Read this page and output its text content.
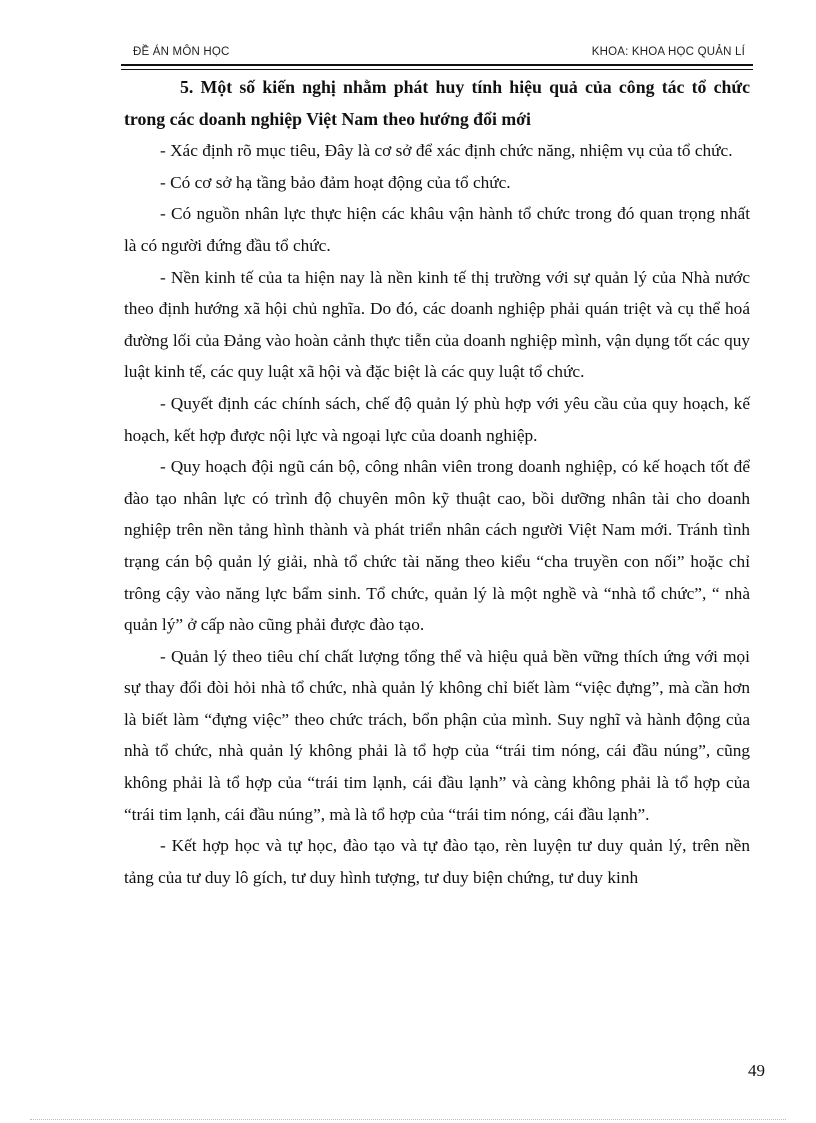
ĐỀ ÁN MÔN HỌC	KHOA: KHOA HỌC QUẢN LÍ

5. Một số kiến nghị nhằm phát huy tính hiệu quả của công tác tổ chức trong các doanh nghiệp Việt Nam theo hướng đổi mới

- Xác định rõ mục tiêu, Đây là cơ sở để xác định chức năng, nhiệm vụ của tổ chức.

- Có cơ sở hạ tầng bảo đảm hoạt động của tổ chức.

- Có nguồn nhân lực thực hiện các khâu vận hành tổ chức trong đó quan trọng nhất là có người đứng đầu tổ chức.

- Nền kinh tế của ta hiện nay là nền kinh tế thị trường với sự quản lý của Nhà nước theo định hướng xã hội chủ nghĩa. Do đó, các doanh nghiệp phải quán triệt và cụ thể hoá đường lối của Đảng vào hoàn cảnh thực tiễn của doanh nghiệp mình, vận dụng tốt các quy luật kinh tế, các quy luật xã hội và đặc biệt là các quy luật tổ chức.

- Quyết định các chính sách, chế độ quản lý phù hợp với yêu cầu của quy hoạch, kế hoạch, kết hợp được nội lực và ngoại lực của doanh nghiệp.

- Quy hoạch đội ngũ cán bộ, công nhân viên trong doanh nghiệp, có kế hoạch tốt để đào tạo nhân lực có trình độ chuyên môn kỹ thuật cao, bồi dưỡng nhân tài cho doanh nghiệp trên nền tảng hình thành và phát triển nhân cách người Việt Nam mới. Tránh tình trạng cán bộ quản lý giải, nhà tổ chức tài năng theo kiểu “cha truyền con nối” hoặc chỉ trông cậy vào năng lực bẩm sinh. Tổ chức, quản lý là một nghề và “nhà tổ chức”, “ nhà quản lý” ở cấp nào cũng phải được đào tạo.

- Quản lý theo tiêu chí chất lượng tổng thể và hiệu quả bền vững thích ứng với mọi sự thay đổi đòi hỏi nhà tổ chức, nhà quản lý không chỉ biết làm “việc đựng”, mà cần hơn là biết làm “đựng việc” theo chức trách, bổn phận của mình. Suy nghĩ và hành động của nhà tổ chức, nhà quản lý không phải là tổ hợp của “trái tim nóng, cái đầu núng”, cũng không phải là tổ hợp của “trái tim lạnh, cái đầu lạnh” và càng không phải là tổ hợp của “trái tim lạnh, cái đầu núng”, mà là tổ hợp của “trái tim nóng, cái đầu lạnh”.

- Kết hợp học và tự học, đào tạo và tự đào tạo, rèn luyện tư duy quản lý, trên nền tảng của tư duy lô gích, tư duy hình tượng, tư duy biện chứng, tư duy kinh

49
